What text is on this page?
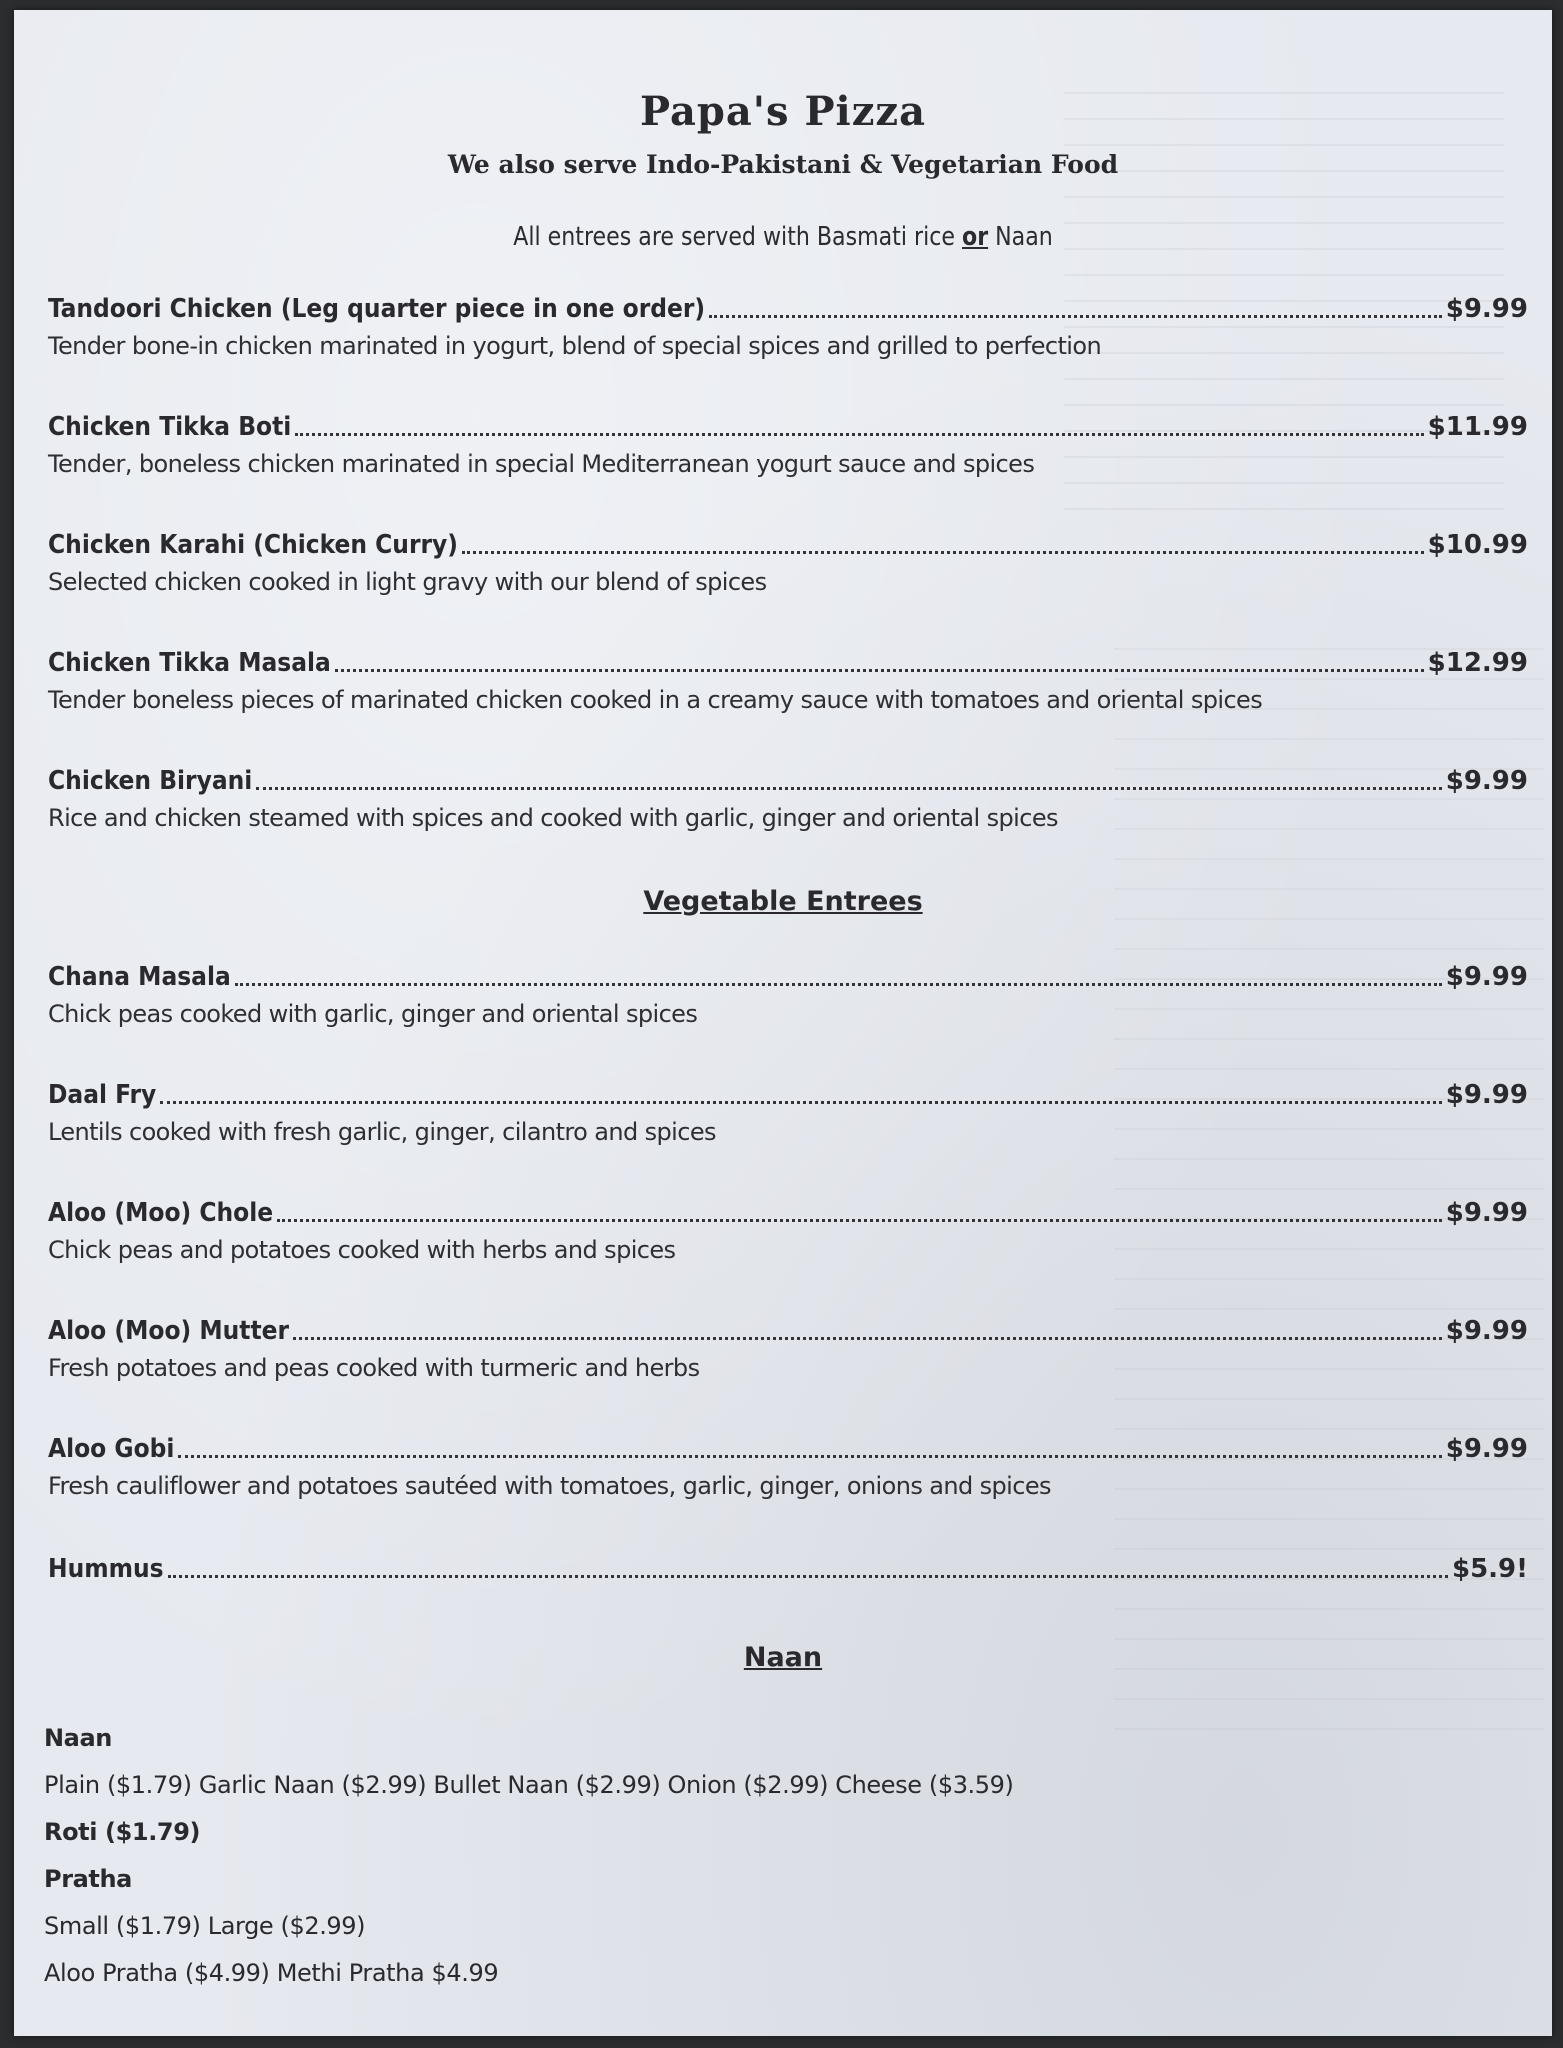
Papa's Pizza
We also serve Indo-Pakistani & Vegetarian Food
All entrees are served with Basmati rice or Naan
Tandoori Chicken (Leg quarter piece in one order)	$9.99
Tender bone-in chicken marinated in yogurt, blend of special spices and grilled to perfection
Chicken Tikka Boti	$11.99
Tender, boneless chicken marinated in special Mediterranean yogurt sauce and spices
Chicken Karahi (Chicken Curry)	$10.99
Selected chicken cooked in light gravy with our blend of spices
Chicken Tikka Masala	$12.99
Tender boneless pieces of marinated chicken cooked in a creamy sauce with tomatoes and oriental spices
Chicken Biryani	$9.99
Rice and chicken steamed with spices and cooked with garlic, ginger and oriental spices
Vegetable Entrees
Chana Masala	$9.99
Chick peas cooked with garlic, ginger and oriental spices
Daal Fry	$9.99
Lentils cooked with fresh garlic, ginger, cilantro and spices
Aloo (Moo) Chole	$9.99
Chick peas and potatoes cooked with herbs and spices
Aloo (Moo) Mutter	$9.99
Fresh potatoes and peas cooked with turmeric and herbs
Aloo Gobi	$9.99
Fresh cauliflower and potatoes sautéed with tomatoes, garlic, ginger, onions and spices
Hummus	$5.9!
Naan
Naan
Plain ($1.79) Garlic Naan ($2.99) Bullet Naan ($2.99) Onion ($2.99) Cheese ($3.59)
Roti ($1.79)
Pratha
Small ($1.79) Large ($2.99)
Aloo Pratha ($4.99) Methi Pratha $4.99
